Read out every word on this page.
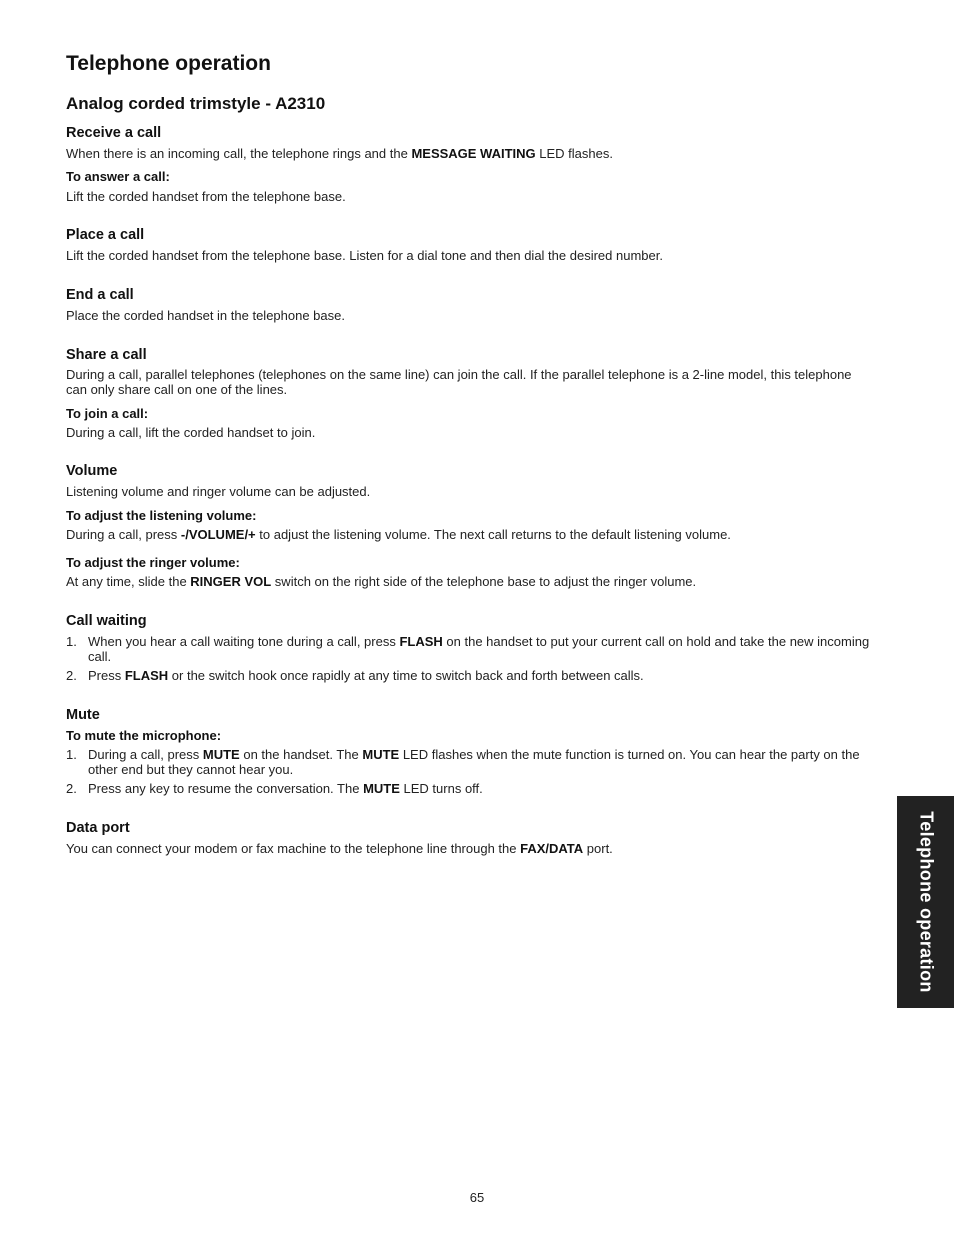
Telephone operation
Analog corded trimstyle - A2310
Receive a call
When there is an incoming call, the telephone rings and the MESSAGE WAITING LED flashes.
To answer a call:
Lift the corded handset from the telephone base.
Place a call
Lift the corded handset from the telephone base. Listen for a dial tone and then dial the desired number.
End a call
Place the corded handset in the telephone base.
Share a call
During a call, parallel telephones (telephones on the same line) can join the call. If the parallel telephone is a 2-line model, this telephone can only share call on one of the lines.
To join a call:
During a call, lift the corded handset to join.
Volume
Listening volume and ringer volume can be adjusted.
To adjust the listening volume:
During a call, press -/VOLUME/+ to adjust the listening volume. The next call returns to the default listening volume.
To adjust the ringer volume:
At any time, slide the RINGER VOL switch on the right side of the telephone base to adjust the ringer volume.
Call waiting
1. When you hear a call waiting tone during a call, press FLASH on the handset to put your current call on hold and take the new incoming call.
2. Press FLASH or the switch hook once rapidly at any time to switch back and forth between calls.
Mute
To mute the microphone:
1. During a call, press MUTE on the handset. The MUTE LED flashes when the mute function is turned on. You can hear the party on the other end but they cannot hear you.
2. Press any key to resume the conversation. The MUTE LED turns off.
Data port
You can connect your modem or fax machine to the telephone line through the FAX/DATA port.	Telephone operation
65
